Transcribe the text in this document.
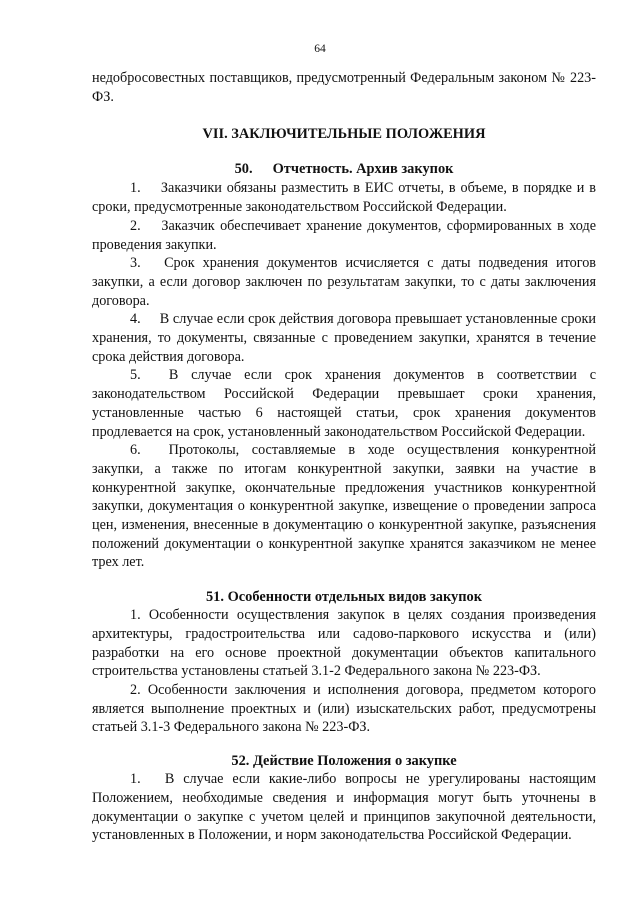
64

недобросовестных поставщиков, предусмотренный Федеральным законом № 223-ФЗ.

VII. ЗАКЛЮЧИТЕЛЬНЫЕ ПОЛОЖЕНИЯ
50. Отчетность. Архив закупок

1. Заказчики обязаны разместить в ЕИС отчеты, в объеме, в порядке и в сроки, предусмотренные законодательством Российской Федерации.

2. Заказчик обеспечивает хранение документов, сформированных в ходе проведения закупки.

3. Срок хранения документов исчисляется с даты подведения итогов закупки, а если договор заключен по результатам закупки, то с даты заключения договора.

4. В случае если срок действия договора превышает установленные сроки хранения, то документы, связанные с проведением закупки, хранятся в течение срока действия договора.

5. В случае если срок хранения документов в соответствии с законодательством Российской Федерации превышает сроки хранения, установленные частью 6 настоящей статьи, срок хранения документов продлевается на срок, установленный законодательством Российской Федерации.

6. Протоколы, составляемые в ходе осуществления конкурентной закупки, а также по итогам конкурентной закупки, заявки на участие в конкурентной закупке, окончательные предложения участников конкурентной закупки, документация о конкурентной закупке, извещение о проведении запроса цен, изменения, внесенные в документацию о конкурентной закупке, разъяснения положений документации о конкурентной закупке хранятся заказчиком не менее трех лет.

51. Особенности отдельных видов закупок

1. Особенности осуществления закупок в целях создания произведения архитектуры, градостроительства или садово-паркового искусства и (или) разработки на его основе проектной документации объектов капитального строительства установлены статьей 3.1-2 Федерального закона № 223-ФЗ.

2. Особенности заключения и исполнения договора, предметом которого является выполнение проектных и (или) изыскательских работ, предусмотрены статьей 3.1-3 Федерального закона № 223-ФЗ.

52. Действие Положения о закупке

1. В случае если какие-либо вопросы не урегулированы настоящим Положением, необходимые сведения и информация могут быть уточнены в документации о закупке с учетом целей и принципов закупочной деятельности, установленных в Положении, и норм законодательства Российской Федерации.
